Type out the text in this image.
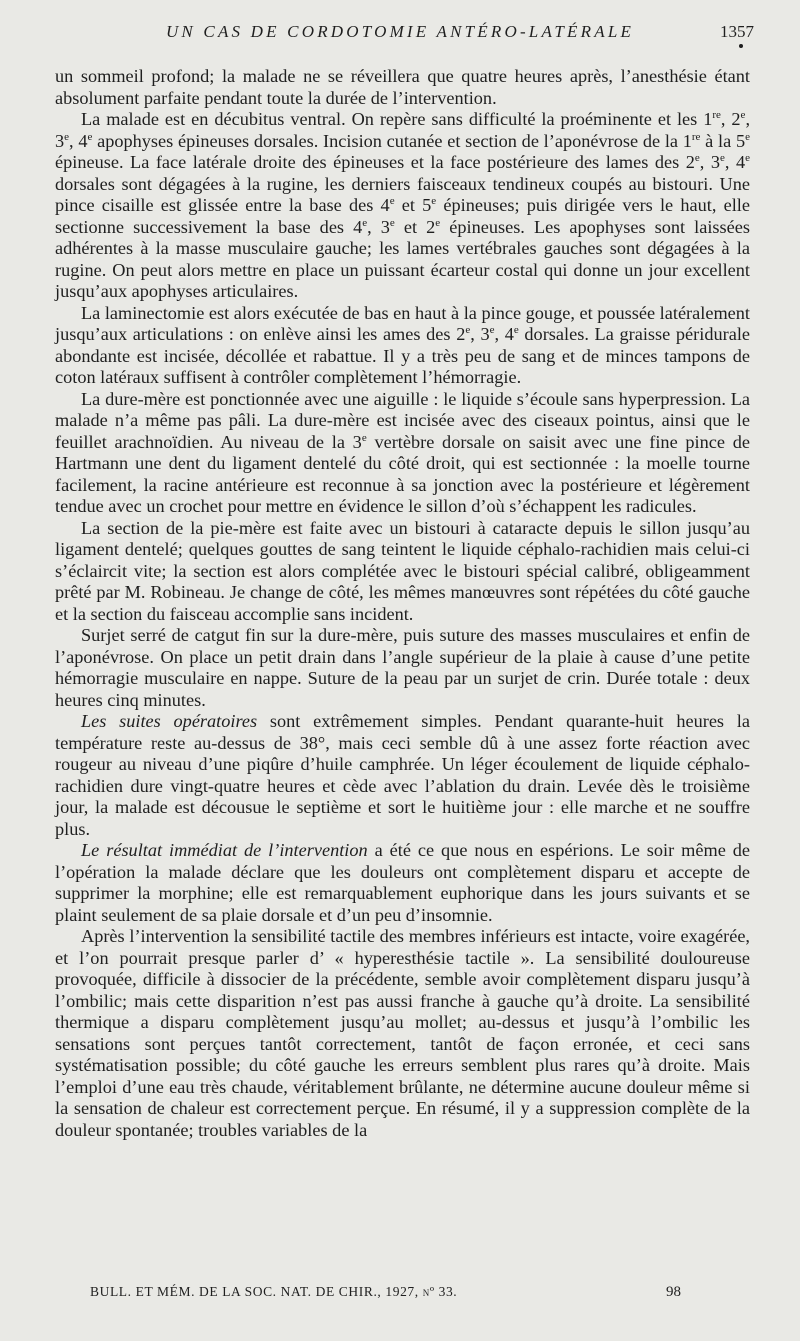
UN CAS DE CORDOTOMIE ANTÉRO-LATÉRALE	1357

un sommeil profond; la malade ne se réveillera que quatre heures après, l’anesthésie étant absolument parfaite pendant toute la durée de l’intervention.

La malade est en décubitus ventral. On repère sans difficulté la proéminente et les 1re, 2e, 3e, 4e apophyses épineuses dorsales. Incision cutanée et section de l’aponévrose de la 1re à la 5e épineuse. La face latérale droite des épineuses et la face postérieure des lames des 2e, 3e, 4e dorsales sont dégagées à la rugine, les derniers faisceaux tendineux coupés au bistouri. Une pince cisaille est glissée entre la base des 4e et 5e épineuses; puis dirigée vers le haut, elle sectionne successivement la base des 4e, 3e et 2e épineuses. Les apophyses sont laissées adhérentes à la masse musculaire gauche; les lames vertébrales gauches sont dégagées à la rugine. On peut alors mettre en place un puissant écarteur costal qui donne un jour excellent jusqu’aux apophyses articulaires.

La laminectomie est alors exécutée de bas en haut à la pince gouge, et poussée latéralement jusqu’aux articulations : on enlève ainsi les ames des 2e, 3e, 4e dorsales. La graisse péridurale abondante est incisée, décollée et rabattue. Il y a très peu de sang et de minces tampons de coton latéraux suffisent à contrôler complètement l’hémorragie.

La dure-mère est ponctionnée avec une aiguille : le liquide s’écoule sans hyperpression. La malade n’a même pas pâli. La dure-mère est incisée avec des ciseaux pointus, ainsi que le feuillet arachnoïdien. Au niveau de la 3e vertèbre dorsale on saisit avec une fine pince de Hartmann une dent du ligament dentelé du côté droit, qui est sectionnée : la moelle tourne facilement, la racine antérieure est reconnue à sa jonction avec la postérieure et légèrement tendue avec un crochet pour mettre en évidence le sillon d’où s’échappent les radicules.

La section de la pie-mère est faite avec un bistouri à cataracte depuis le sillon jusqu’au ligament dentelé; quelques gouttes de sang teintent le liquide céphalo-rachidien mais celui-ci s’éclaircit vite; la section est alors complétée avec le bistouri spécial calibré, obligeamment prêté par M. Robineau. Je change de côté, les mêmes manœuvres sont répétées du côté gauche et la section du faisceau accomplie sans incident.

Surjet serré de catgut fin sur la dure-mère, puis suture des masses musculaires et enfin de l’aponévrose. On place un petit drain dans l’angle supérieur de la plaie à cause d’une petite hémorragie musculaire en nappe. Suture de la peau par un surjet de crin. Durée totale : deux heures cinq minutes.

Les suites opératoires sont extrêmement simples. Pendant quarante-huit heures la température reste au-dessus de 38°, mais ceci semble dû à une assez forte réaction avec rougeur au niveau d’une piqûre d’huile camphrée. Un léger écoulement de liquide céphalo-rachidien dure vingt-quatre heures et cède avec l’ablation du drain. Levée dès le troisième jour, la malade est décousue le septième et sort le huitième jour : elle marche et ne souffre plus.

Le résultat immédiat de l’intervention a été ce que nous en espérions. Le soir même de l’opération la malade déclare que les douleurs ont complètement disparu et accepte de supprimer la morphine; elle est remarquablement euphorique dans les jours suivants et se plaint seulement de sa plaie dorsale et d’un peu d’insomnie.

Après l’intervention la sensibilité tactile des membres inférieurs est intacte, voire exagérée, et l’on pourrait presque parler d’ « hyperesthésie tactile ». La sensibilité douloureuse provoquée, difficile à dissocier de la précédente, semble avoir complètement disparu jusqu’à l’ombilic; mais cette disparition n’est pas aussi franche à gauche qu’à droite. La sensibilité thermique a disparu complètement jusqu’au mollet; au-dessus et jusqu’à l’ombilic les sensations sont perçues tantôt correctement, tantôt de façon erronée, et ceci sans systématisation possible; du côté gauche les erreurs semblent plus rares qu’à droite. Mais l’emploi d’une eau très chaude, véritablement brûlante, ne détermine aucune douleur même si la sensation de chaleur est correctement perçue. En résumé, il y a suppression complète de la douleur spontanée; troubles variables de la

BULL. ET MÉM. DE LA SOC. NAT. DE CHIR., 1927, nº 33.	98
